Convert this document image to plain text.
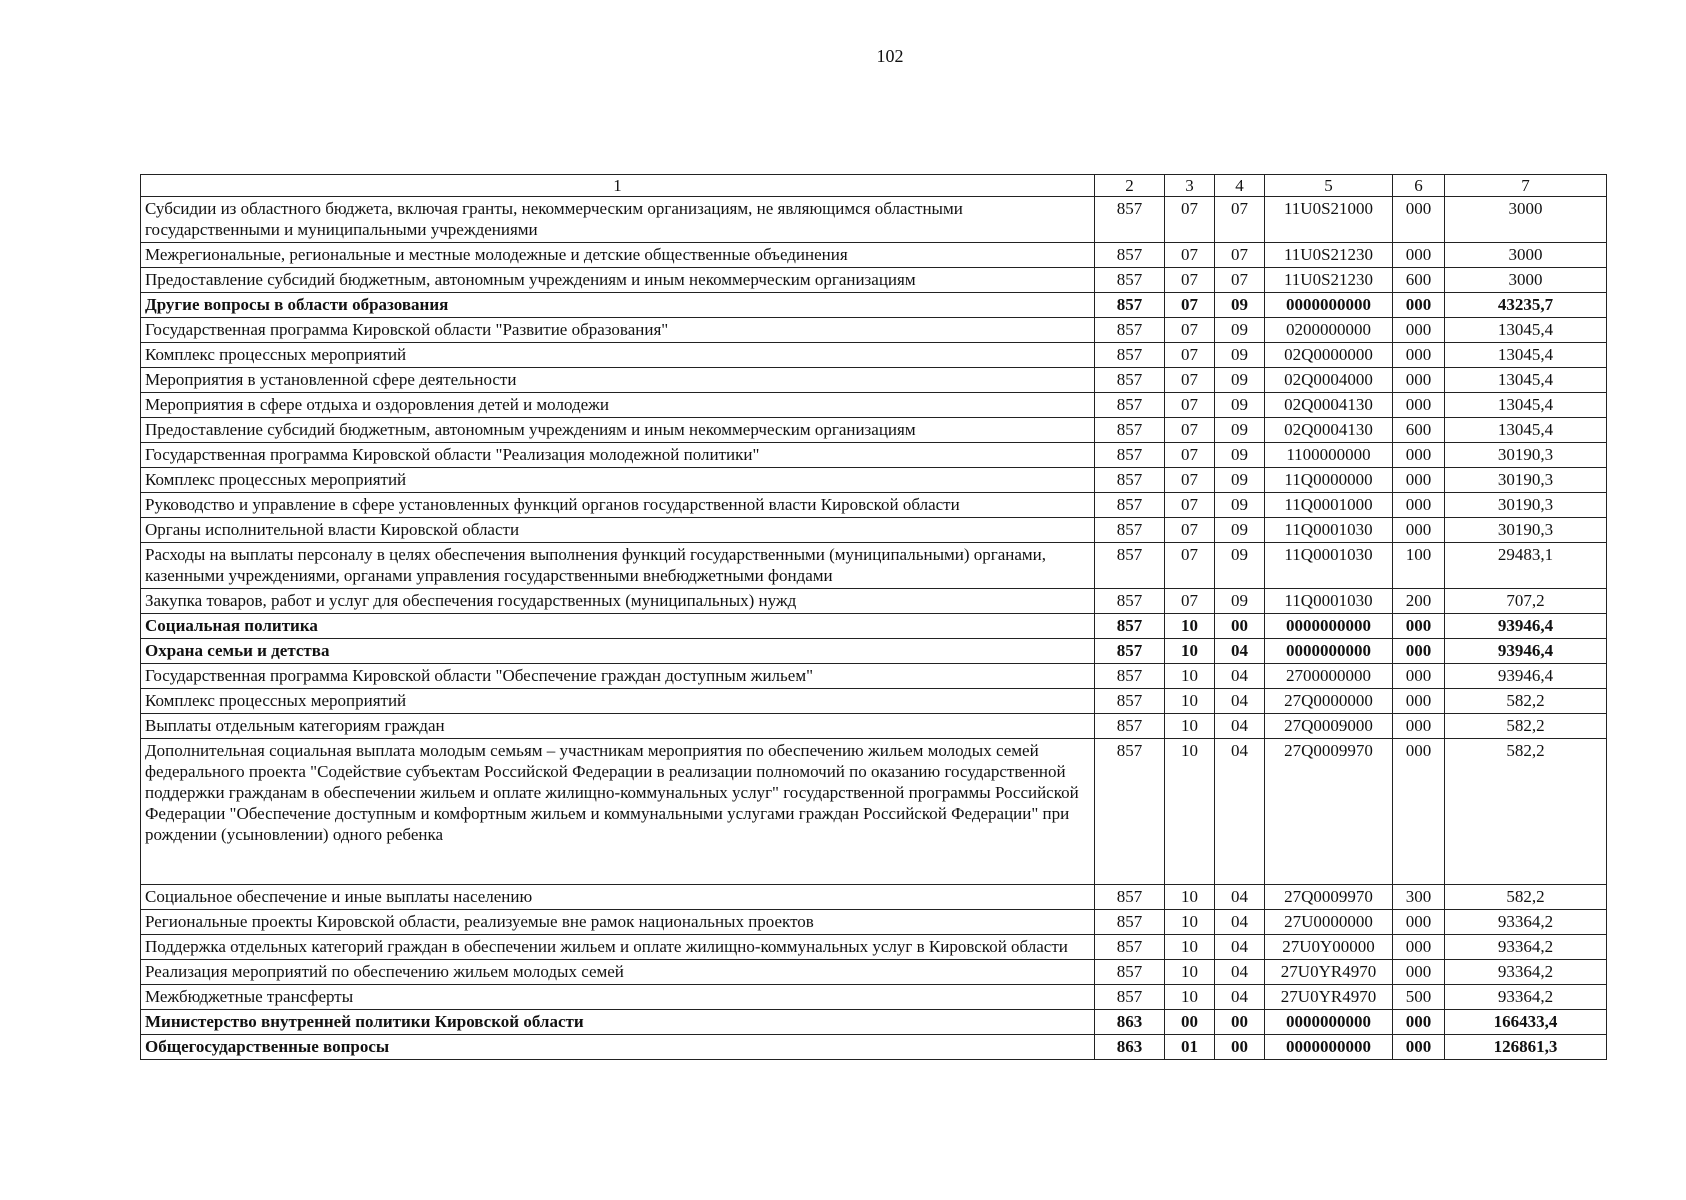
102
1	2	3	4	5	6	7
Субсидии из областного бюджета, включая гранты, некоммерческим организациям, не являющимся областными государственными и муниципальными учреждениями	857	07	07	11U0S21000	000	3000
Межрегиональные, региональные и местные молодежные и детские общественные объединения	857	07	07	11U0S21230	000	3000
Предоставление субсидий бюджетным, автономным учреждениям и иным некоммерческим организациям	857	07	07	11U0S21230	600	3000
Другие вопросы в области образования	857	07	09	0000000000	000	43235,7
Государственная программа Кировской области "Развитие образования"	857	07	09	0200000000	000	13045,4
Комплекс процессных мероприятий	857	07	09	02Q0000000	000	13045,4
Мероприятия в установленной сфере деятельности	857	07	09	02Q0004000	000	13045,4
Мероприятия в сфере отдыха и оздоровления детей и молодежи	857	07	09	02Q0004130	000	13045,4
Предоставление субсидий бюджетным, автономным учреждениям и иным некоммерческим организациям	857	07	09	02Q0004130	600	13045,4
Государственная программа Кировской области "Реализация молодежной политики"	857	07	09	1100000000	000	30190,3
Комплекс процессных мероприятий	857	07	09	11Q0000000	000	30190,3
Руководство и управление в сфере установленных функций органов государственной власти Кировской области	857	07	09	11Q0001000	000	30190,3
Органы исполнительной власти Кировской области	857	07	09	11Q0001030	000	30190,3
Расходы на выплаты персоналу в целях обеспечения выполнения функций государственными (муниципальными) органами, казенными учреждениями, органами управления государственными внебюджетными фондами	857	07	09	11Q0001030	100	29483,1
Закупка товаров, работ и услуг для обеспечения государственных (муниципальных) нужд	857	07	09	11Q0001030	200	707,2
Социальная политика	857	10	00	0000000000	000	93946,4
Охрана семьи и детства	857	10	04	0000000000	000	93946,4
Государственная программа Кировской области "Обеспечение граждан доступным жильем"	857	10	04	2700000000	000	93946,4
Комплекс процессных мероприятий	857	10	04	27Q0000000	000	582,2
Выплаты отдельным категориям граждан	857	10	04	27Q0009000	000	582,2
Дополнительная социальная выплата молодым семьям – участникам мероприятия по обеспечению жильем молодых семей федерального проекта "Содействие субъектам Российской Федерации в реализации полномочий по оказанию государственной поддержки гражданам в обеспечении жильем и оплате жилищно-коммунальных услуг" государственной программы Российской Федерации "Обеспечение доступным и комфортным жильем и коммунальными услугами граждан Российской Федерации" при рождении (усыновлении) одного ребенка	857	10	04	27Q0009970	000	582,2
Социальное обеспечение и иные выплаты населению	857	10	04	27Q0009970	300	582,2
Региональные проекты Кировской области, реализуемые вне рамок национальных проектов	857	10	04	27U0000000	000	93364,2
Поддержка отдельных категорий граждан в обеспечении жильем и оплате жилищно-коммунальных услуг в Кировской области	857	10	04	27U0Y00000	000	93364,2
Реализация мероприятий по обеспечению жильем молодых семей	857	10	04	27U0YR4970	000	93364,2
Межбюджетные трансферты	857	10	04	27U0YR4970	500	93364,2
Министерство внутренней политики Кировской области	863	00	00	0000000000	000	166433,4
Общегосударственные вопросы	863	01	00	0000000000	000	126861,3
